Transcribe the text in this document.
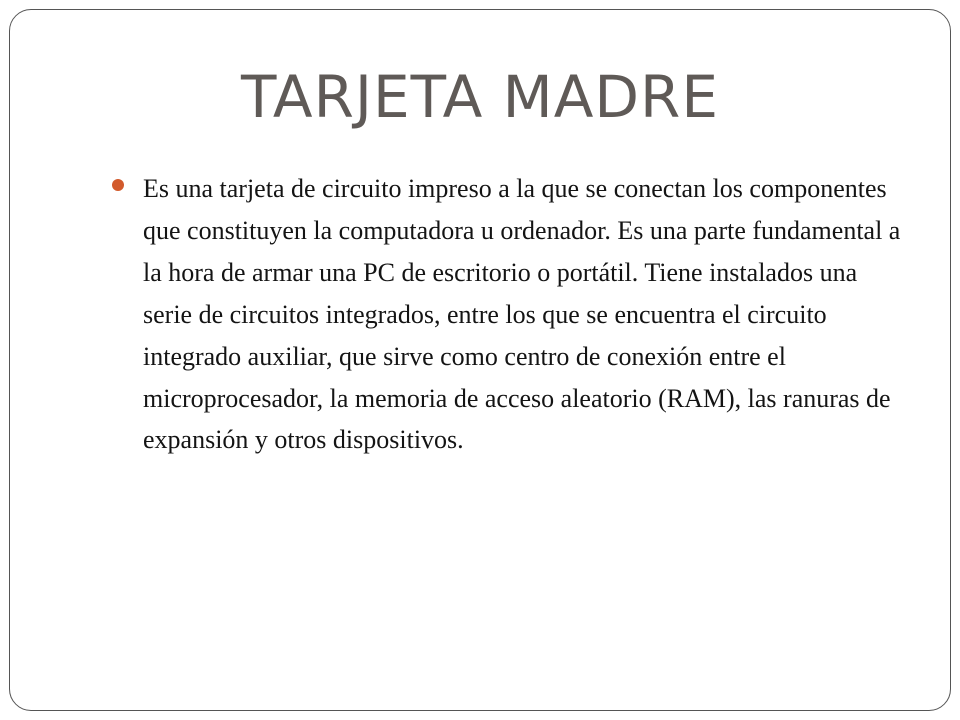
TARJETA MADRE

Es una tarjeta de circuito impreso a la que se conectan los componentes que constituyen la computadora u ordenador. Es una parte fundamental a la hora de armar una PC de escritorio o portátil. Tiene instalados una serie de circuitos integrados, entre los que se encuentra el circuito integrado auxiliar, que sirve como centro de conexión entre el microprocesador, la memoria de acceso aleatorio (RAM), las ranuras de expansión y otros dispositivos.
